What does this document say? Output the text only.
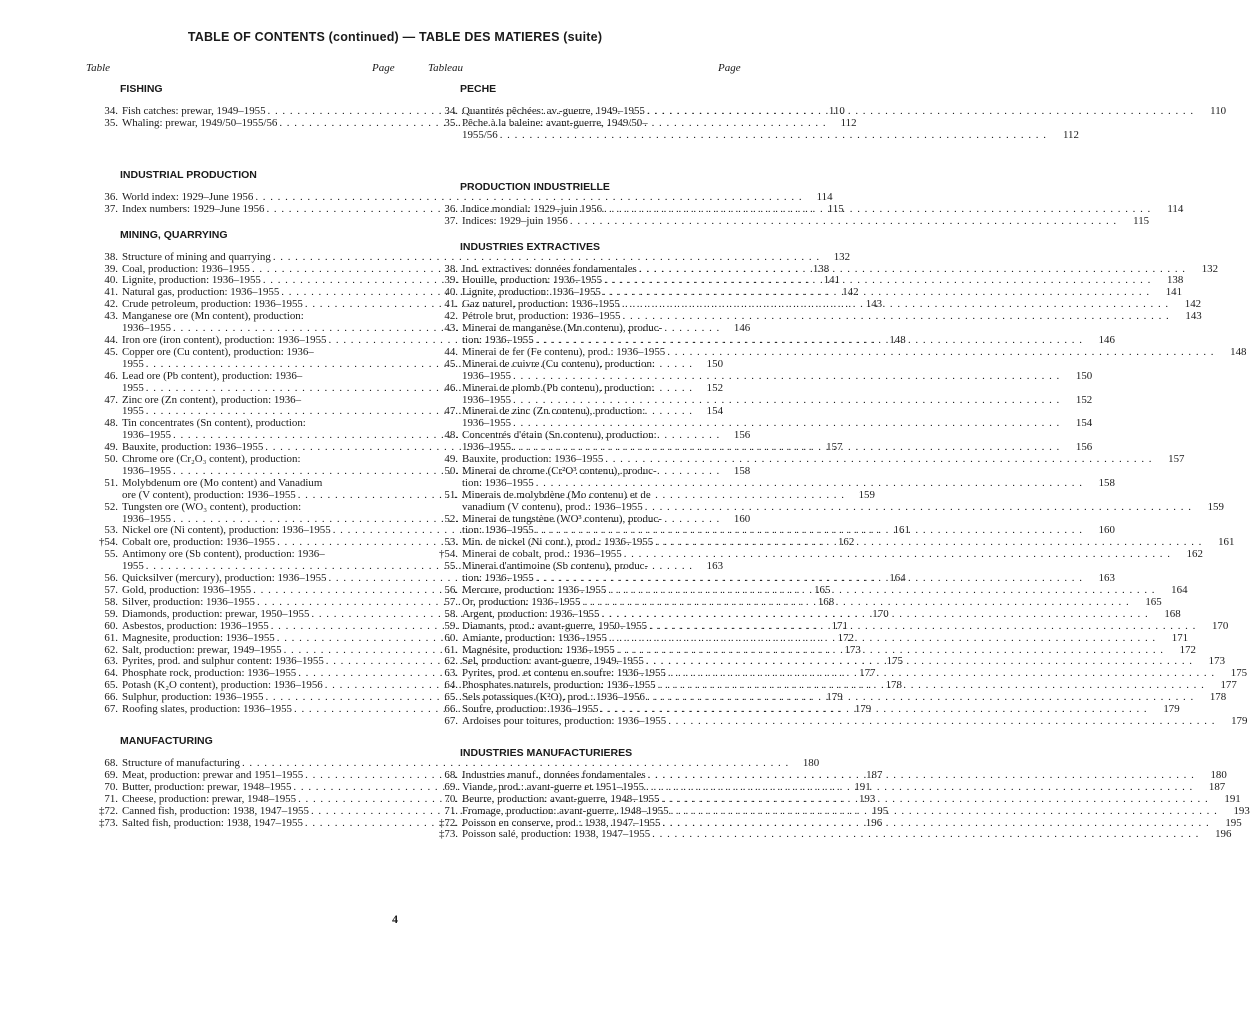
TABLE OF CONTENTS (continued) — TABLE DES MATIERES (suite)
Table	Page	Tableau	Page
FISHING
34. Fish catches: prewar, 1949–1955 . . .	110
35. Whaling: prewar, 1949/50–1955/56 . . .	112
INDUSTRIAL PRODUCTION
36. World index: 1929–June 1956 . . .	114
37. Index numbers: 1929–June 1956 . . .	115
MINING, QUARRYING
38. Structure of mining and quarrying . . .	132
39. Coal, production: 1936–1955 . . .	138
40. Lignite, production: 1936–1955 . . .	141
41. Natural gas, production: 1936–1955 . . .	142
42. Crude petroleum, production: 1936–1955 . . .	143
43. Manganese ore (Mn content), production:
1936–1955 . . .	146
44. Iron ore (iron content), production: 1936–1955 . . .	148
45. Copper ore (Cu content), production: 1936–
1955 . . .	150
46. Lead ore (Pb content), production: 1936–
1955 . . .	152
47. Zinc ore (Zn content), production: 1936–
1955 . . .	154
48. Tin concentrates (Sn content), production:
1936–1955 . . .	156
49. Bauxite, production: 1936–1955 . . .	157
50. Chrome ore (Cr₂O₃ content), production:
1936–1955 . . .	158
51. Molybdenum ore (Mo content) and Vanadium
ore (V content), production: 1936–1955 . . .	159
52. Tungsten ore (WO₃ content), production:
1936–1955 . . .	160
53. Nickel ore (Ni content), production: 1936–1955 . . .	161
†54. Cobalt ore, production: 1936–1955 . . .	162
55. Antimony ore (Sb content), production: 1936–
1955 . . .	163
56. Quicksilver (mercury), production: 1936–1955 . . .	164
57. Gold, production: 1936–1955 . . .	165
58. Silver, production: 1936–1955 . . .	168
59. Diamonds, production: prewar, 1950–1955 . . .	170
60. Asbestos, production: 1936–1955 . . .	171
61. Magnesite, production: 1936–1955 . . .	172
62. Salt, production: prewar, 1949–1955 . . .	173
63. Pyrites, prod. and sulphur content: 1936–1955 . . .	175
64. Phosphate rock, production: 1936–1955 . . .	177
65. Potash (K₂O content), production: 1936–1956 . . .	178
66. Sulphur, production: 1936–1955 . . .	179
67. Roofing slates, production: 1936–1955 . . .	179
MANUFACTURING
68. Structure of manufacturing . . .	180
69. Meat, production: prewar and 1951–1955 . . .	187
70. Butter, production: prewar, 1948–1955 . . .	191
71. Cheese, production: prewar, 1948–1955 . . .	193
‡72. Canned fish, production: 1938, 1947–1955 . . .	195
‡73. Salted fish, production: 1938, 1947–1955 . . .	196
PECHE
34. Quantités pêchées: av.-guerre, 1949–1955 . . .	110
35. Pêche à la baleine: avant-guerre, 1949/50–
1955/56 . . .	112
PRODUCTION INDUSTRIELLE
36. Indice mondial: 1929–juin 1956 . . .	114
37. Indices: 1929–juin 1956 . . .	115
INDUSTRIES EXTRACTIVES
38. Ind. extractives: données fondamentales . . .	132
39. Houille, production: 1936–1955 . . .	138
40. Lignite, production: 1936–1955 . . .	141
41. Gaz naturel, production: 1936–1955 . . .	142
42. Pétrole brut, production: 1936–1955 . . .	143
43. Minerai de manganèse (Mn contenu), produc-
tion: 1936–1955 . . .	146
44. Minerai de fer (Fe contenu), prod.: 1936–1955 . . .	148
45. Minerai de cuivre (Cu contenu), production:
1936–1955 . . .	150
46. Minerai de plomb (Pb contenu), production:
1936–1955 . . .	152
47. Minerai de zinc (Zn contenu), production:
1936–1955 . . .	154
48. Concentrés d'étain (Sn contenu), production:
1936–1955 . . .	156
49. Bauxite, production: 1936–1955 . . .	157
50. Minerai de chrome (Cr²O³ contenu), produc-
tion: 1936–1955 . . .	158
51. Minerais de molybdène (Mo contenu) et de
vanadium (V contenu), prod.: 1936–1955 . . .	159
52. Minerai de tungstène (WO³ contenu), produc-
tion: 1936–1955 . . .	160
53. Min. de nickel (Ni cont.), prod.: 1936–1955 . . .	161
†54. Minerai de cobalt, prod.: 1936–1955 . . .	162
55. Minerai d'antimoine (Sb contenu), produc-
tion: 1936–1955 . . .	163
56. Mercure, production: 1936–1955 . . .	164
57. Or, production: 1936–1955 . . .	165
58. Argent, production: 1936–1955 . . .	168
59. Diamants, prod.: avant-guerre, 1950–1955 . . .	170
60. Amiante, production: 1936–1955 . . .	171
61. Magnésite, production: 1936–1955 . . .	172
62. Sel, production: avant-guerre, 1949–1955 . . .	173
63. Pyrites, prod. et contenu en soufre: 1936–1955 . . .	175
64. Phosphates naturels, production: 1936–1955 . . .	177
65. Sels potassiques (K²O), prod.: 1936–1956 . . .	178
66. Soufre, production: 1936–1955 . . .	179
67. Ardoises pour toitures, production: 1936–1955 . . .	179
INDUSTRIES MANUFACTURIERES
68. Industries manuf., données fondamentales . . .	180
69. Viande, prod.: avant-guerre et 1951–1955 . . .	187
70. Beurre, production: avant-guerre, 1948–1955 . . .	191
71. Fromage, production: avant-guerre, 1948–1955 . . .	193
‡72. Poisson en conserve, prod.: 1938, 1947–1955 . . .	195
‡73. Poisson salé, production: 1938, 1947–1955 . . .	196
4
